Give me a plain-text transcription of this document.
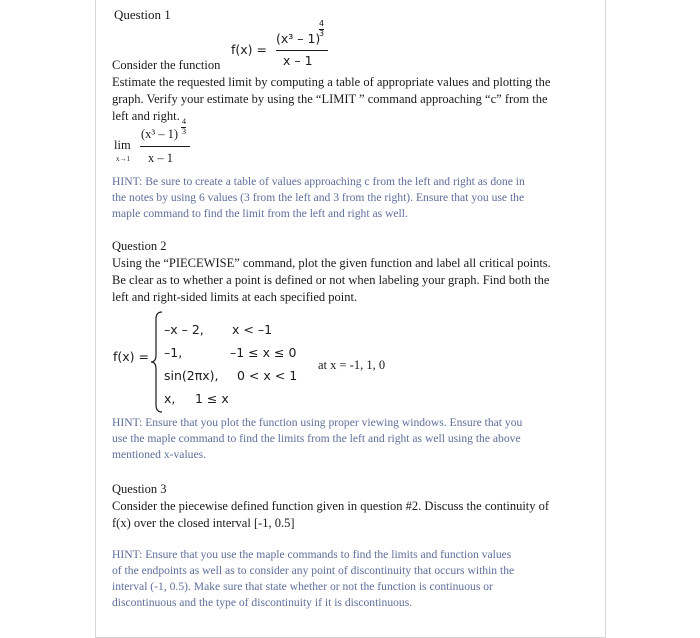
Question 1
f(x) =
(x³ – 1)
4
3
x – 1
Consider the function
Estimate the requested limit by computing a table of appropriate values and plotting the
graph. Verify your estimate by using the “LIMIT ” command approaching “c” from the
left and right.
lim
x→1
(x³ – 1)
4
3
x – 1
HINT: Be sure to create a table of values approaching c from the left and right as done in
the notes by using 6 values (3 from the left and 3 from the right). Ensure that you use the
maple command to find the limit from the left and right as well.
Question 2
Using the “PIECEWISE” command, plot the given function and label all critical points.
Be clear as to whether a point is defined or not when labeling your graph. Find both the
left and right-sided limits at each specified point.
f(x) =
–x – 2, x < –1
–1,	–1 ≤ x ≤ 0
sin(2πx), 0 < x < 1
x, 1 ≤ x
at x = -1, 1, 0
HINT: Ensure that you plot the function using proper viewing windows. Ensure that you
use the maple command to find the limits from the left and right as well using the above
mentioned x-values.
Question 3
Consider the piecewise defined function given in question #2. Discuss the continuity of
f(x) over the closed interval [-1, 0.5]
HINT: Ensure that you use the maple commands to find the limits and function values
of the endpoints as well as to consider any point of discontinuity that occurs within the
interval (-1, 0.5). Make sure that state whether or not the function is continuous or
discontinuous and the type of discontinuity if it is discontinuous.
